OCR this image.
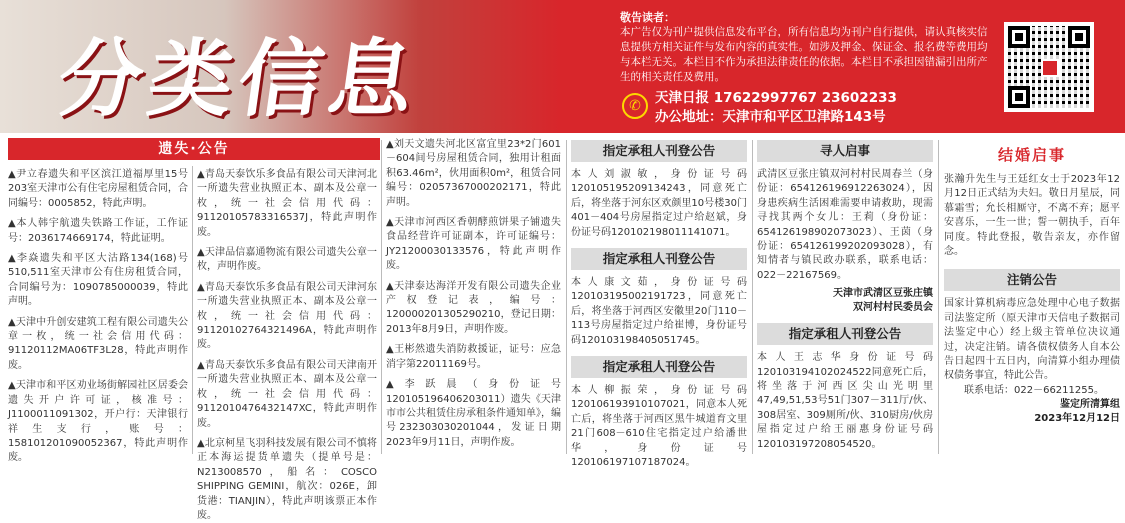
分类信息
敬告读者：
本广告仅为刊户提供信息发布平台，所有信息均为刊户自行提供，请认真核实信息提供方相关证件与发布内容的真实性。如涉及押金、保证金、报名费等费用均与本栏无关。本栏目不作为承担法律责任的依据。本栏目不承担因错漏引出所产生的相关责任及费用。
✆	天津日报 17622997767 23602233
办公地址：天津市和平区卫津路143号
遗失·公告

▲尹立春遗失和平区滨江道福厚里15号203室天津市公有住宅房屋租赁合同，合同编号：0005852，特此声明。

▲本人韩宇航遗失铁路工作证，工作证号：2036174669174，特此证明。

▲李焱遗失和平区大沽路134(168)号510,511室天津市公有住房租赁合同，合同编号为：1090785000039，特此声明。

▲天津中升创安建筑工程有限公司遗失公章一枚，统一社会信用代码：91120112MA06TF3L28，特此声明作废。

▲天津市和平区劝业场街解园社区居委会遗失开户许可证，核准号：J1100011091302，开户行：天津银行祥生支行，账号：158101201090052367，特此声明作废。

▲青岛天泰饮乐多食品有限公司天津河北一所遗失营业执照正本、副本及公章一枚，统一社会信用代码：91120105783316537J，特此声明作废。

▲天津品信嘉通物流有限公司遗失公章一枚，声明作废。

▲青岛天泰饮乐多食品有限公司天津河东一所遗失营业执照正本、副本及公章一枚，统一社会信用代码：91120102764321496A，特此声明作废。

▲青岛天泰饮乐多食品有限公司天津南开一所遗失营业执照正本、副本及公章一枚，统一社会信用代码：9112010476432147XC，特此声明作废。

▲北京柯星飞羽科技发展有限公司不慎将正本海运提货单遗失（提单号是：N213008570，船名：COSCO SHIPPING GEMINI，航次：026E，卸货港：TIANJIN），特此声明该票正本作废。

▲刘天文遗失河北区富宜里23*2门601－604间号房屋租赁合同，独用计租面积63.46m²，伙用面积0m²，租赁合同编号：02057367000202171，特此声明。

▲天津市河西区香朝酵煎饼果子铺遗失食品经营许可证副本，许可证编号：JY21200030133576，特此声明作废。

▲天津泰达海洋开发有限公司遗失企业产权登记表，编号：120000201305290210，登记日期：2013年8月9日，声明作废。

▲王彬然遗失消防救援证，证号：应急消字第22011169号。

▲李跃晨（身份证号120105196406203011）遗失《天津市市公共租赁住房承租条件通知单》，编号232303030201044，发证日期2023年9月11日，声明作废。

指定承租人刊登公告
本人刘淑敏，身份证号码120105195209134243，同意死亡后，将坐落于河东区欢颜里10号楼30门401－404号房屋指定过户给赵斌，身份证号码120102198011141071。
指定承租人刊登公告
本人康文茹，身份证号码120103195002191723，同意死亡后，将坐落于河西区安徽里20门110－113号房屋指定过户给崔博，身份证号码120103198405051745。
指定承租人刊登公告
本人柳振荣，身份证号码120106193910107021，同意本人死亡后，将坐落于河西区黑牛城道育文里21门608－610住宅指定过户给潘世华，身份证号120106197107187024。
寻人启事
武清区豆张庄镇双河村村民周春兰（身份证：654126196912263024），因身患疾病生活困难需要申请救助，现需寻找其两个女儿：王莉（身份证：654126198902073023）、王茵（身份证：654126199202093028），有知情者与镇民政办联系，联系电话：022－22167569。
天津市武清区豆张庄镇
双河村村民委员会
指定承租人刊登公告
本人王志华身份证号码120103194102024522同意死亡后，将坐落于河西区尖山光明里47,49,51,53号51门307－311厅/伙、308居室、309厕所/伙、310厨房/伙房屋指定过户给王丽惠身份证号码120103197208054520。
结婚启事
张瀚升先生与王廷红女士于2023年12月12日正式结为夫妇。敬日月星辰，同慕霜雪；允长相厮守，不离不弃；愿平安喜乐，一生一世；誓一朝执手，百年同度。特此登报，敬告亲友，亦作留念。
注销公告
国家计算机病毒应急处理中心电子数据司法鉴定所（原天津市天信电子数据司法鉴定中心）经上级主管单位决议通过，决定注销。请各债权债务人自本公告日起四十五日内，向清算小组办理债权债务事宜，特此公告。
联系电话：022－66211255。
鉴定所清算组
2023年12月12日
